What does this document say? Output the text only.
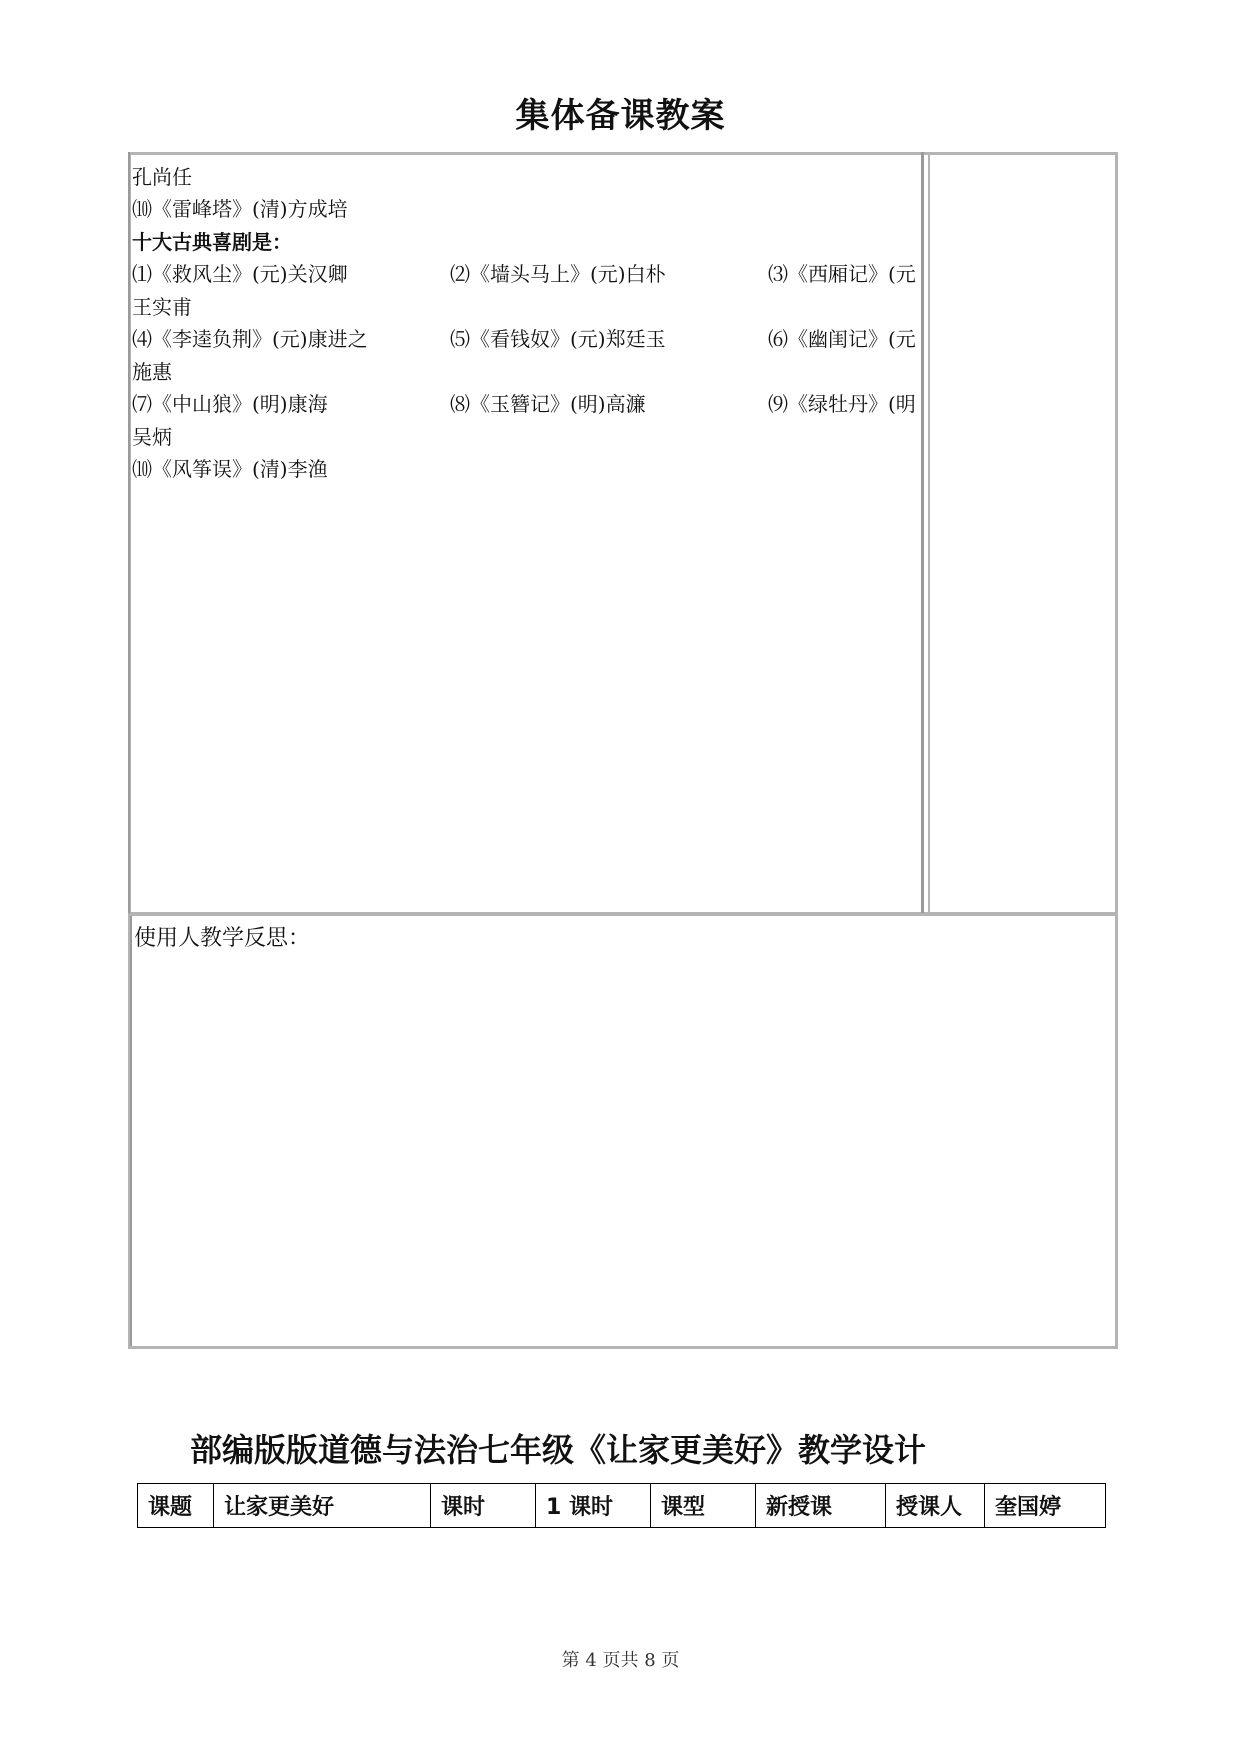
集体备课教案
孔尚任
⑽《雷峰塔》(清)方成培
十大古典喜剧是：
⑴《救风尘》(元)关汉卿	⑵《墙头马上》(元)白朴	⑶《西厢记》(元
王实甫
⑷《李逵负荆》(元)康进之	⑸《看钱奴》(元)郑廷玉	⑹《幽闺记》(元
施惠
⑺《中山狼》(明)康海	⑻《玉簪记》(明)高濂	⑼《绿牡丹》(明
吴炳
⑽《风筝误》(清)李渔
使用人教学反思：
部编版版道德与法治七年级《让家更美好》教学设计
课题	让家更美好	课时	1 课时	课型	新授课	授课人	奎国婷
第 4 页共 8 页
